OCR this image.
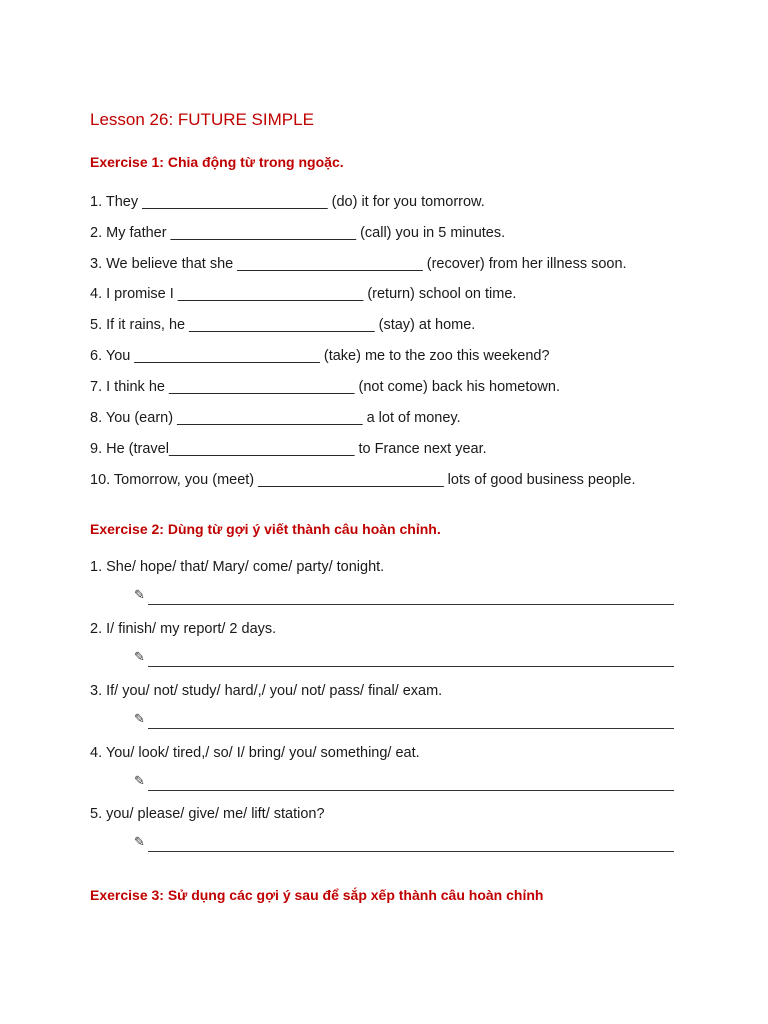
Lesson 26: FUTURE SIMPLE
Exercise 1: Chia động từ trong ngoặc.
1. They _______________________ (do) it for you tomorrow.
2. My father _______________________ (call) you in 5 minutes.
3. We believe that she _______________________ (recover) from her illness soon.
4. I promise I _______________________ (return) school on time.
5. If it rains, he _______________________ (stay) at home.
6. You _______________________ (take) me to the zoo this weekend?
7. I think he _______________________ (not come) back his hometown.
8. You (earn) _______________________ a lot of money.
9. He (travel_______________________ to France next year.
10. Tomorrow, you (meet) _______________________ lots of good business people.
Exercise 2: Dùng từ gợi ý viết thành câu hoàn chỉnh.
1. She/ hope/ that/ Mary/ come/ party/ tonight.
✎
2. I/ finish/ my report/ 2 days.
✎
3. If/ you/ not/ study/ hard/,/ you/ not/ pass/ final/ exam.
✎
4. You/ look/ tired,/ so/ I/ bring/ you/ something/ eat.
✎
5. you/ please/ give/ me/ lift/ station?
✎
Exercise 3: Sử dụng các gợi ý sau để sắp xếp thành câu hoàn chỉnh
